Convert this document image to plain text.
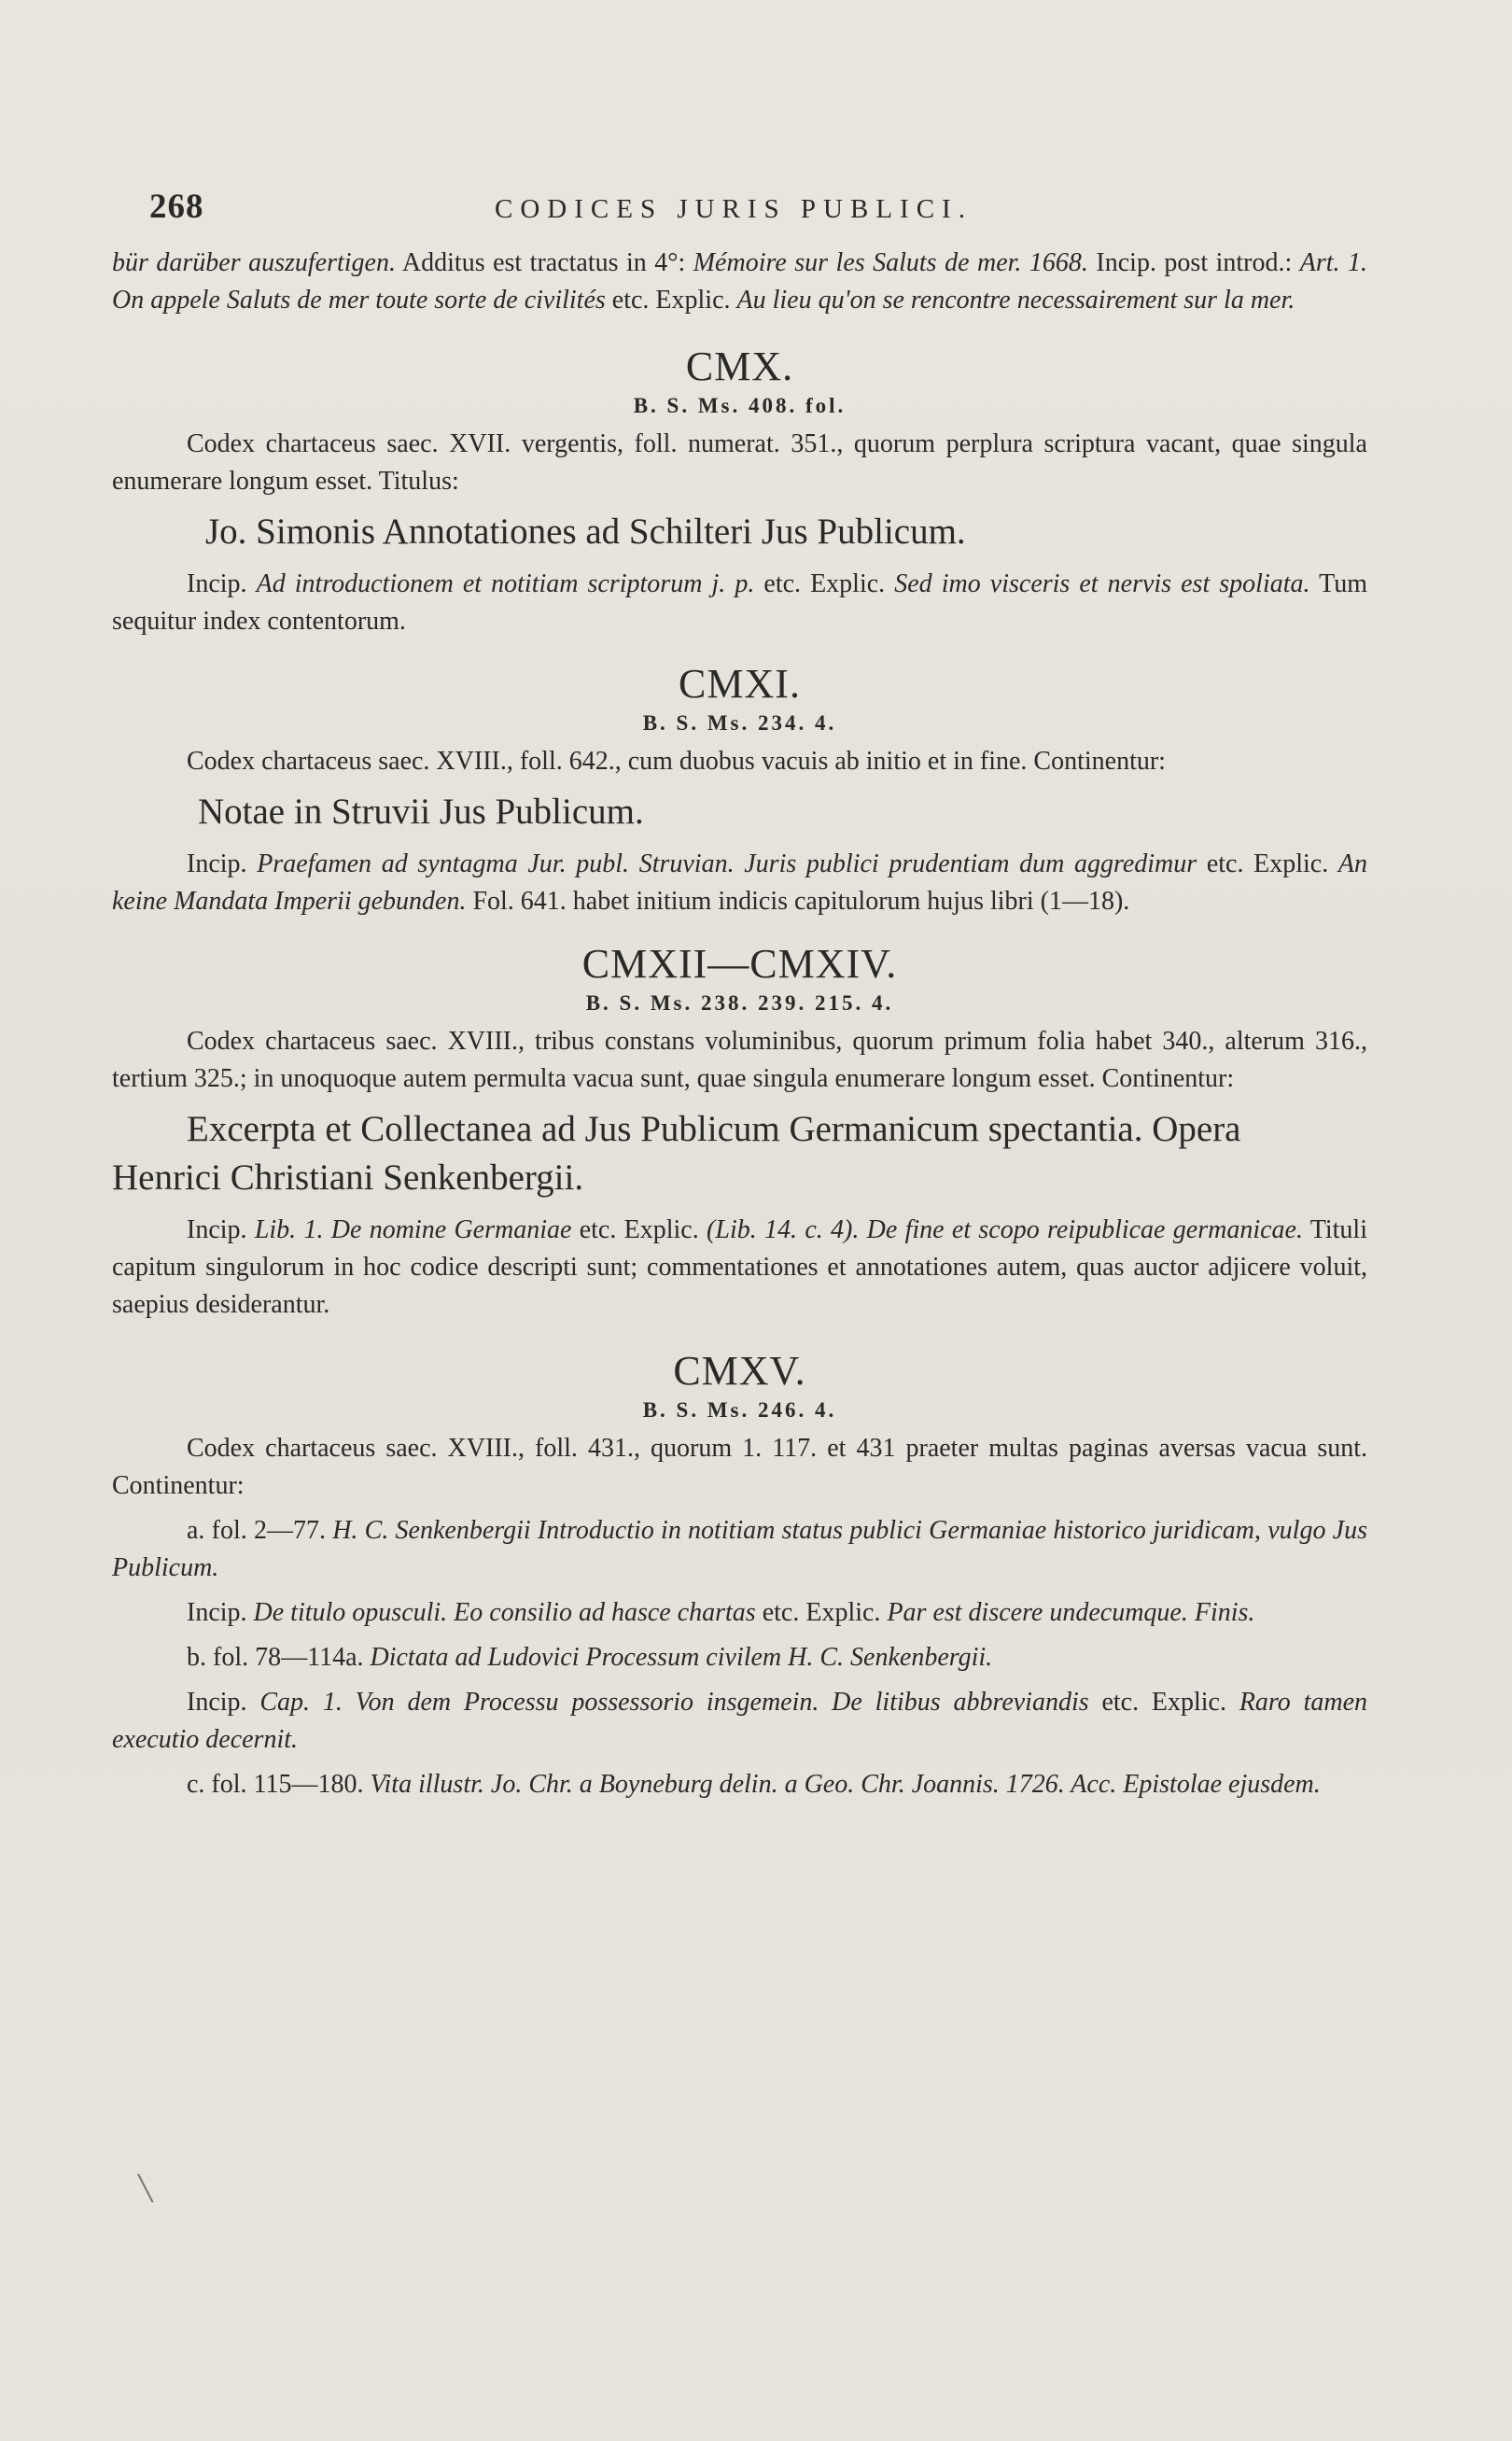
268	CODICES JURIS PUBLICI.

bür darüber auszufertigen. Additus est tractatus in 4°: Mémoire sur les Saluts de mer. 1668. Incip. post introd.: Art. 1. On appele Saluts de mer toute sorte de civilités etc. Explic. Au lieu qu'on se rencontre necessairement sur la mer.

CMX.
B. S. Ms. 408. fol.

Codex chartaceus saec. XVII. vergentis, foll. numerat. 351., quorum perplura scriptura vacant, quae singula enumerare longum esset. Titulus:

Jo. Simonis Annotationes ad Schilteri Jus Publicum.

Incip. Ad introductionem et notitiam scriptorum j. p. etc. Explic. Sed imo visceris et nervis est spoliata. Tum sequitur index contentorum.

CMXI.
B. S. Ms. 234. 4.

Codex chartaceus saec. XVIII., foll. 642., cum duobus vacuis ab initio et in fine. Continentur:

Notae in Struvii Jus Publicum.

Incip. Praefamen ad syntagma Jur. publ. Struvian. Juris publici prudentiam dum aggredimur etc. Explic. An keine Mandata Imperii gebunden. Fol. 641. habet initium indicis capitulorum hujus libri (1—18).

CMXII—CMXIV.
B. S. Ms. 238. 239. 215. 4.

Codex chartaceus saec. XVIII., tribus constans voluminibus, quorum primum folia habet 340., alterum 316., tertium 325.; in unoquoque autem permulta vacua sunt, quae singula enumerare longum esset. Continentur:

Excerpta et Collectanea ad Jus Publicum Germanicum spectantia. Opera Henrici Christiani Senkenbergii.

Incip. Lib. 1. De nomine Germaniae etc. Explic. (Lib. 14. c. 4). De fine et scopo reipublicae germanicae. Tituli capitum singulorum in hoc codice descripti sunt; commentationes et annotationes autem, quas auctor adjicere voluit, saepius desiderantur.

CMXV.
B. S. Ms. 246. 4.

Codex chartaceus saec. XVIII., foll. 431., quorum 1. 117. et 431 praeter multas paginas aversas vacua sunt. Continentur:

a. fol. 2—77. H. C. Senkenbergii Introductio in notitiam status publici Germaniae historico juridicam, vulgo Jus Publicum.

Incip. De titulo opusculi. Eo consilio ad hasce chartas etc. Explic. Par est discere undecumque. Finis.

b. fol. 78—114a. Dictata ad Ludovici Processum civilem H. C. Senkenbergii.

Incip. Cap. 1. Von dem Processu possessorio insgemein. De litibus abbreviandis etc. Explic. Raro tamen executio decernit.

c. fol. 115—180. Vita illustr. Jo. Chr. a Boyneburg delin. a Geo. Chr. Joannis. 1726. Acc. Epistolae ejusdem.

╲
